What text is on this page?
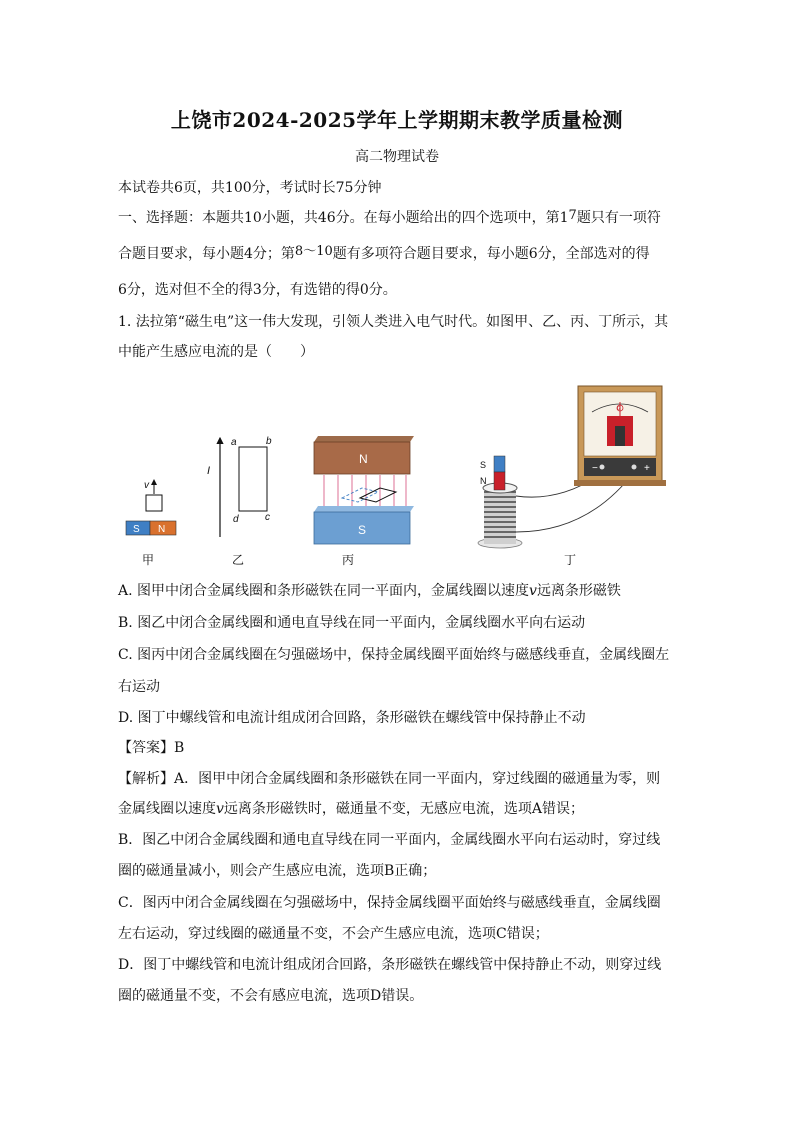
上饶市2024-2025学年上学期期末教学质量检测
高二物理试卷
本试卷共6页，共100分，考试时长75分钟
一、选择题：本题共10小题，共46分。在每小题给出的四个选项中，第17题只有一项符
合题目要求，每小题4分；第8～10题有多项符合题目要求，每小题6分，全部选对的得
6分，选对但不全的得3分，有选错的得0分。
1. 法拉第“磁生电”这一伟大发现，引领人类进入电气时代。如图甲、乙、丙、丁所示，其
中能产生感应电流的是（　　）
v
S N
I
a	b
d	c
N
S
S
N
G
−	+
甲	乙	丙	丁
A. 图甲中闭合金属线圈和条形磁铁在同一平面内，金属线圈以速度v远离条形磁铁
B. 图乙中闭合金属线圈和通电直导线在同一平面内，金属线圈水平向右运动
C. 图丙中闭合金属线圈在匀强磁场中，保持金属线圈平面始终与磁感线垂直，金属线圈左
右运动
D. 图丁中螺线管和电流计组成闭合回路，条形磁铁在螺线管中保持静止不动
【答案】B
【解析】A．图甲中闭合金属线圈和条形磁铁在同一平面内，穿过线圈的磁通量为零，则
金属线圈以速度v远离条形磁铁时，磁通量不变，无感应电流，选项A错误；
B．图乙中闭合金属线圈和通电直导线在同一平面内，金属线圈水平向右运动时，穿过线
圈的磁通量减小，则会产生感应电流，选项B正确；
C．图丙中闭合金属线圈在匀强磁场中，保持金属线圈平面始终与磁感线垂直，金属线圈
左右运动，穿过线圈的磁通量不变，不会产生感应电流，选项C错误；
D．图丁中螺线管和电流计组成闭合回路，条形磁铁在螺线管中保持静止不动，则穿过线
圈的磁通量不变，不会有感应电流，选项D错误。
